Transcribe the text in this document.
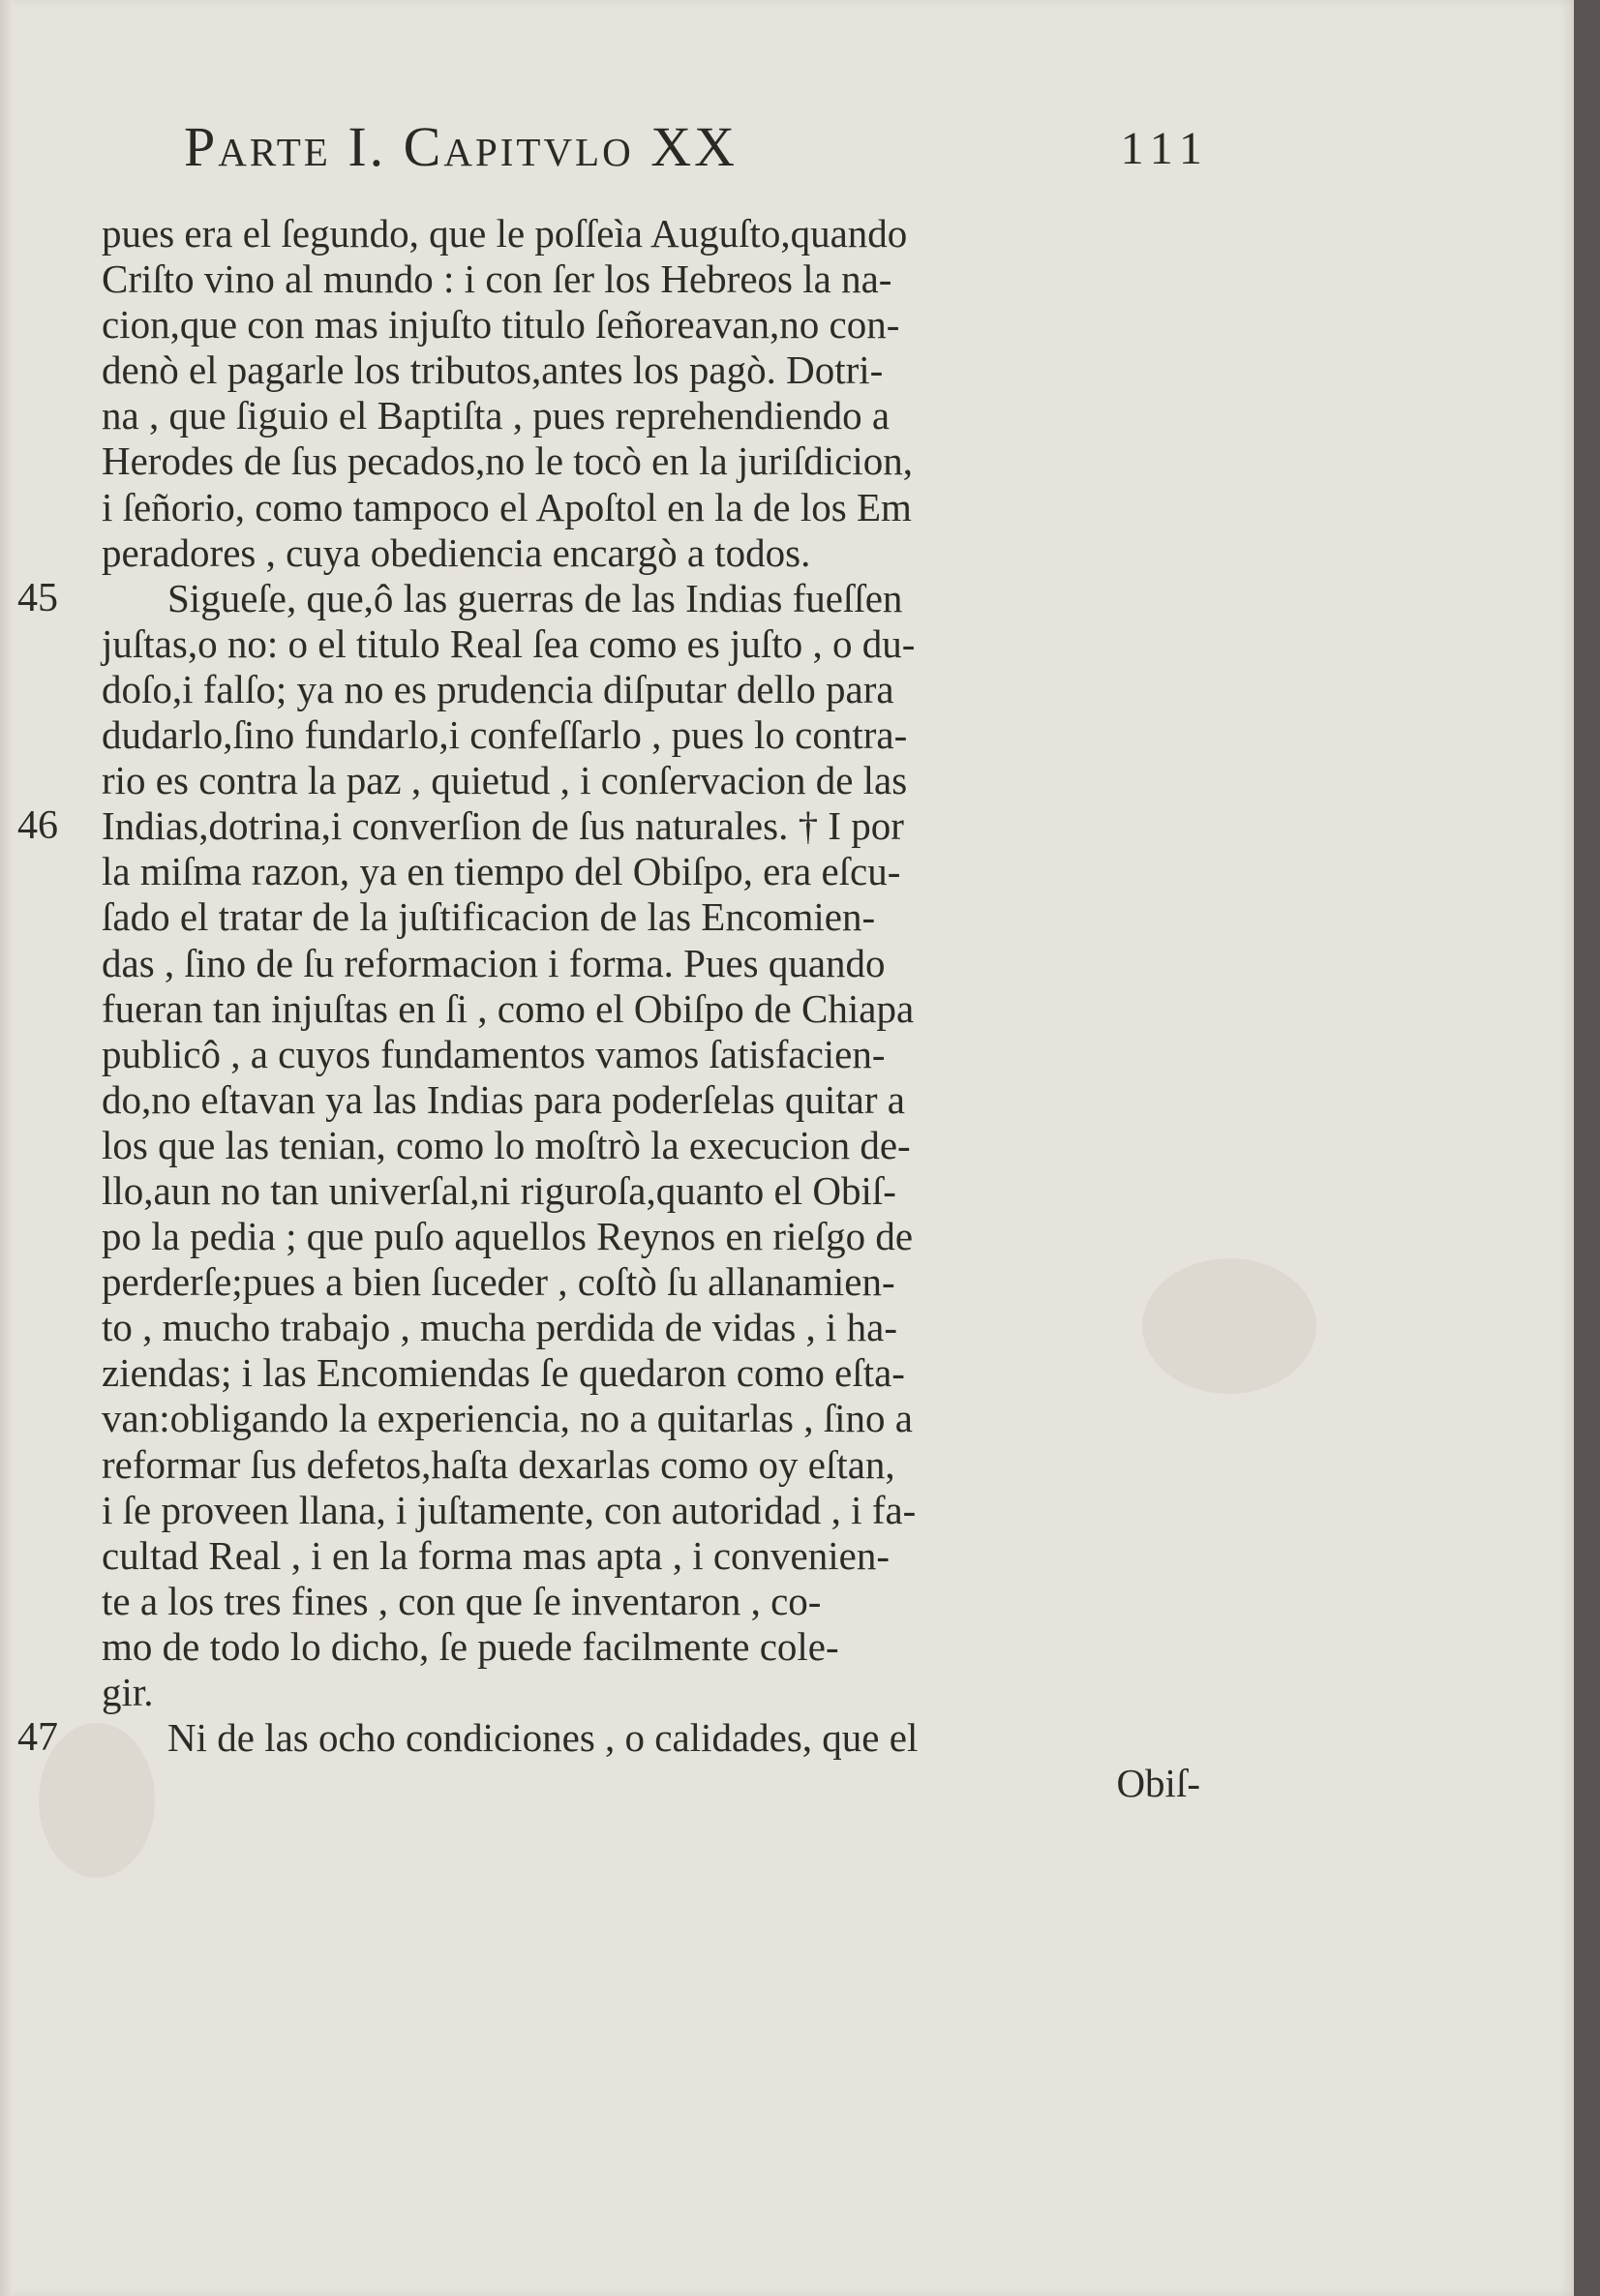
Parte I. Capitvlo XX	111
45
46
47
pues era el ſegundo, que le poſſeìa Auguſto,quando
Criſto vino al mundo : i con ſer los Hebreos la na-
cion,que con mas injuſto titulo ſeñoreavan,no con-
denò el pagarle los tributos,antes los pagò. Dotri-
na , que ſiguio el Baptiſta , pues reprehendiendo a
Herodes de ſus pecados,no le tocò en la juriſdicion,
i ſeñorio, como tampoco el Apoſtol en la de los Em
peradores , cuya obediencia encargò a todos.
Sigueſe, que,ô las guerras de las Indias fueſſen
juſtas,o no: o el titulo Real ſea como es juſto , o du-
doſo,i falſo; ya no es prudencia diſputar dello para
dudarlo,ſino fundarlo,i confeſſarlo , pues lo contra-
rio es contra la paz , quietud , i conſervacion de las
Indias,dotrina,i converſion de ſus naturales. † I por
la miſma razon, ya en tiempo del Obiſpo, era eſcu-
ſado el tratar de la juſtificacion de las Encomien-
das , ſino de ſu reformacion i forma. Pues quando
fueran tan injuſtas en ſi , como el Obiſpo de Chiapa
publicô , a cuyos fundamentos vamos ſatisfacien-
do,no eſtavan ya las Indias para poderſelas quitar a
los que las tenian, como lo moſtrò la execucion de-
llo,aun no tan univerſal,ni riguroſa,quanto el Obiſ-
po la pedia ; que puſo aquellos Reynos en rieſgo de
perderſe;pues a bien ſuceder , coſtò ſu allanamien-
to , mucho trabajo , mucha perdida de vidas , i ha-
ziendas; i las Encomiendas ſe quedaron como eſta-
van:obligando la experiencia, no a quitarlas , ſino a
reformar ſus defetos,haſta dexarlas como oy eſtan,
i ſe proveen llana, i juſtamente, con autoridad , i fa-
cultad Real , i en la forma mas apta , i convenien-
te a los tres fines , con que ſe inventaron , co-
mo de todo lo dicho, ſe puede facilmente cole-
gir.
Ni de las ocho condiciones , o calidades, que el
Obiſ-
